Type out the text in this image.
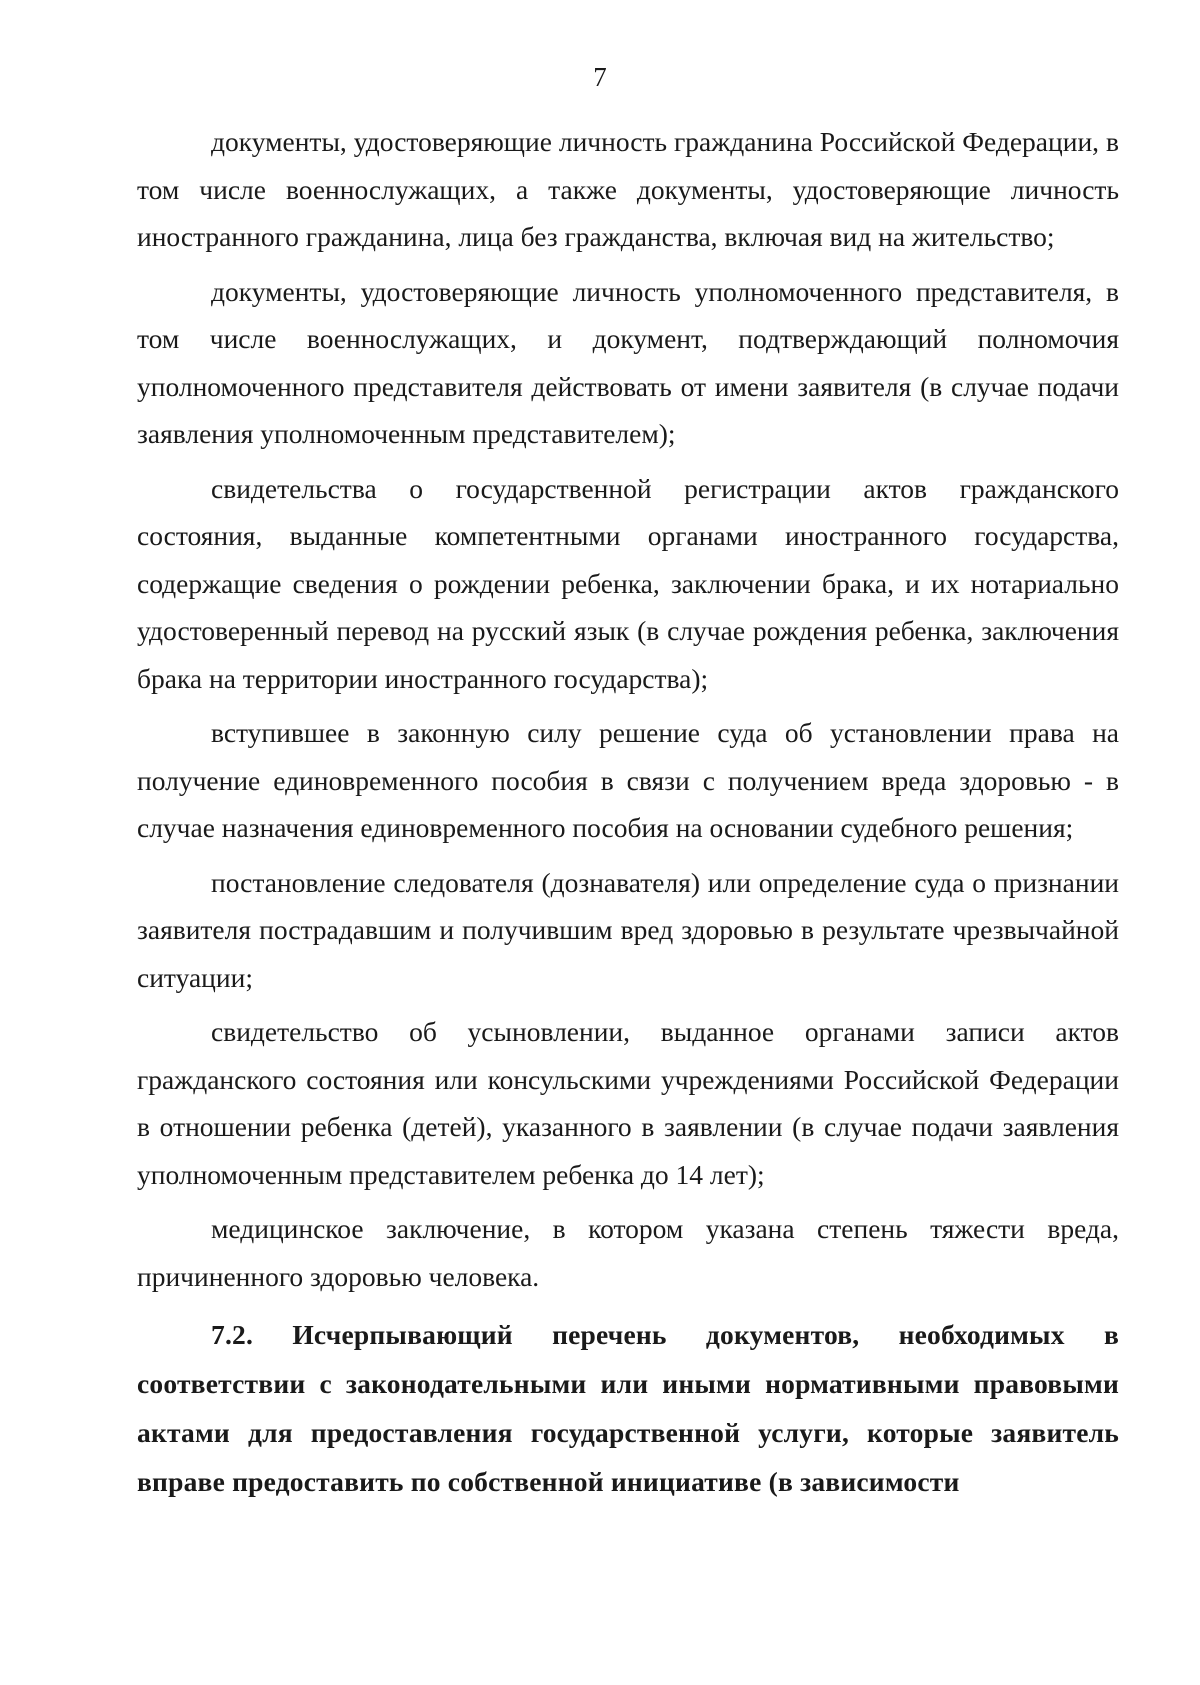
7

документы, удостоверяющие личность гражданина Российской Федерации, в том числе военнослужащих, а также документы, удостоверяющие личность иностранного гражданина, лица без гражданства, включая вид на жительство;

документы, удостоверяющие личность уполномоченного представителя, в том числе военнослужащих, и документ, подтверждающий полномочия уполномоченного представителя действовать от имени заявителя (в случае подачи заявления уполномоченным представителем);

свидетельства о государственной регистрации актов гражданского состояния, выданные компетентными органами иностранного государства, содержащие сведения о рождении ребенка, заключении брака, и их нотариально удостоверенный перевод на русский язык (в случае рождения ребенка, заключения брака на территории иностранного государства);

вступившее в законную силу решение суда об установлении права на получение единовременного пособия в связи с получением вреда здоровью - в случае назначения единовременного пособия на основании судебного решения;

постановление следователя (дознавателя) или определение суда о признании заявителя пострадавшим и получившим вред здоровью в результате чрезвычайной ситуации;

свидетельство об усыновлении, выданное органами записи актов гражданского состояния или консульскими учреждениями Российской Федерации в отношении ребенка (детей), указанного в заявлении (в случае подачи заявления уполномоченным представителем ребенка до 14 лет);

медицинское заключение, в котором указана степень тяжести вреда, причиненного здоровью человека.

7.2. Исчерпывающий перечень документов, необходимых в соответствии с законодательными или иными нормативными правовыми актами для предоставления государственной услуги, которые заявитель вправе предоставить по собственной инициативе (в зависимости
